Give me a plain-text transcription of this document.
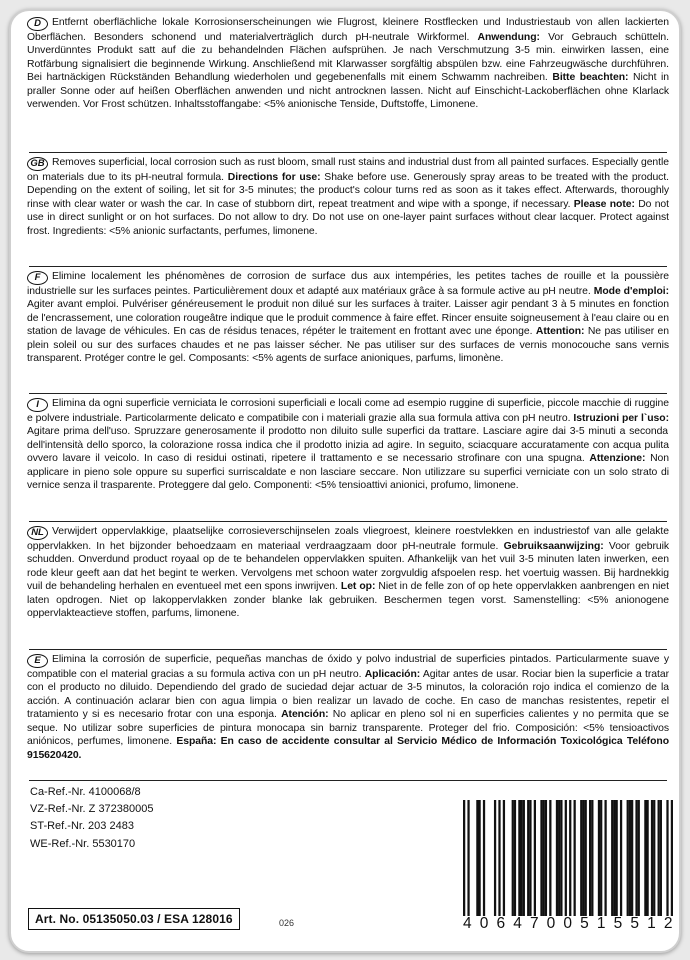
D Entfernt oberflächliche lokale Korrosionserscheinungen wie Flugrost, kleinere Rostflecken und Industriestaub von allen lackierten Oberflächen. Besonders schonend und materialverträglich durch pH-neutrale Wirkformel. Anwendung: Vor Gebrauch schütteln. Unverdünntes Produkt satt auf die zu behandelnden Flächen aufsprühen. Je nach Verschmutzung 3-5 min. einwirken lassen, eine Rotfärbung signalisiert die beginnende Wirkung. Anschließend mit Klarwasser sorgfältig abspülen bzw. eine Fahrzeugwäsche durchführen. Bei hartnäckigen Rückständen Behandlung wiederholen und gegebenenfalls mit einem Schwamm nachreiben. Bitte beachten: Nicht in praller Sonne oder auf heißen Oberflächen anwenden und nicht antrocknen lassen. Nicht auf Einschicht-Lackoberflächen ohne Klarlack verwenden. Vor Frost schützen. Inhaltsstoffangabe: <5% anionische Tenside, Duftstoffe, Limonene.
GB Removes superficial, local corrosion such as rust bloom, small rust stains and industrial dust from all painted surfaces. Especially gentle on materials due to its pH-neutral formula. Directions for use: Shake before use. Generously spray areas to be treated with the product. Depending on the extent of soiling, let sit for 3-5 minutes; the product's colour turns red as soon as it takes effect. Afterwards, thoroughly rinse with clear water or wash the car. In case of stubborn dirt, repeat treatment and wipe with a sponge, if necessary. Please note: Do not use in direct sunlight or on hot surfaces. Do not allow to dry. Do not use on one-layer paint surfaces without clear lacquer. Protect against frost. Ingredients: <5% anionic surfactants, perfumes, limonene.
F Elimine localement les phénomènes de corrosion de surface dus aux intempéries, les petites taches de rouille et la poussière industrielle sur les surfaces peintes. Particulièrement doux et adapté aux matériaux grâce à sa formule active au pH neutre. Mode d'emploi: Agiter avant emploi. Pulvériser généreusement le produit non dilué sur les surfaces à traiter. Laisser agir pendant 3 à 5 minutes en fonction de l'encrassement, une coloration rougeâtre indique que le produit commence à faire effet. Rincer ensuite soigneusement à l'eau claire ou en station de lavage de véhicules. En cas de résidus tenaces, répéter le traitement en frottant avec une éponge. Attention: Ne pas utiliser en plein soleil ou sur des surfaces chaudes et ne pas laisser sécher. Ne pas utiliser sur des surfaces de vernis monocouche sans vernis transparent. Protéger contre le gel. Composants: <5% agents de surface anioniques, parfums, limonène.
I Elimina da ogni superficie verniciata le corrosioni superficiali e locali come ad esempio ruggine di superficie, piccole macchie di ruggine e polvere industriale. Particolarmente delicato e compatibile con i materiali grazie alla sua formula attiva con pH neutro. Istruzioni per l`uso: Agitare prima dell'uso. Spruzzare generosamente il prodotto non diluito sulle superfici da trattare. Lasciare agire dai 3-5 minuti a seconda dell'intensità dello sporco, la colorazione rossa indica che il prodotto inizia ad agire. In seguito, sciacquare accuratamente con acqua pulita ovvero lavare il veicolo. In caso di residui ostinati, ripetere il trattamento e se necessario strofinare con una spugna. Attenzione: Non applicare in pieno sole oppure su superfici surriscaldate e non lasciare seccare. Non utilizzare su superfici verniciate con un solo strato di vernice senza il trasparente. Proteggere dal gelo. Componenti: <5% tensioattivi anionici, profumo, limonene.
NL Verwijdert oppervlakkige, plaatselijke corrosieverschijnselen zoals vliegroest, kleinere roestvlekken en industriestof van alle gelakte oppervlakken. In het bijzonder behoedzaam en materiaal verdraagzaam door pH-neutrale formule. Gebruiksaanwijzing: Voor gebruik schudden. Onverdund product royaal op de te behandelen oppervlakken spuiten. Afhankelijk van het vuil 3-5 minuten laten inwerken, een rode kleur geeft aan dat het begint te werken. Vervolgens met schoon water zorgvuldig afspoelen resp. het voertuig wassen. Bij hardnekkig vuil de behandeling herhalen en eventueel met een spons inwrijven. Let op: Niet in de felle zon of op hete oppervlakken aanbrengen en niet laten opdrogen. Niet op lakoppervlakken zonder blanke lak gebruiken. Beschermen tegen vorst. Samenstelling: <5% anionogene oppervlakteactieve stoffen, parfums, limonene.
E Elimina la corrosión de superficie, pequeñas manchas de óxido y polvo industrial de superficies pintados. Particularmente suave y compatible con el material gracias a su formula activa con un pH neutro. Aplicación: Agitar antes de usar. Rociar bien la superficie a tratar con el producto no diluido. Dependiendo del grado de suciedad dejar actuar de 3-5 minutos, la coloración rojo indica el comienzo de la acción. A continuación aclarar bien con agua limpia o bien realizar un lavado de coche. En caso de manchas resistentes, repetir el tratamiento y si es necesario frotar con una esponja. Atención: No aplicar en pleno sol ni en superficies calientes y no permita que se seque. No utilizar sobre superficies de pintura monocapa sin barniz transparente. Proteger del frio. Composición: <5% tensioactivos aniónicos, perfumes, limonene. España: En caso de accidente consultar al Servicio Médico de Información Toxicológica Teléfono 915620420.
Ca-Ref.-Nr. 4100068/8
VZ-Ref.-Nr. Z 372380005
ST-Ref.-Nr. 203 2483
WE-Ref.-Nr. 5530170
Art. No. 05135050.03 / ESA 128016	026	4 0 6 4 7 0 0 5 1 5 5 1 2
